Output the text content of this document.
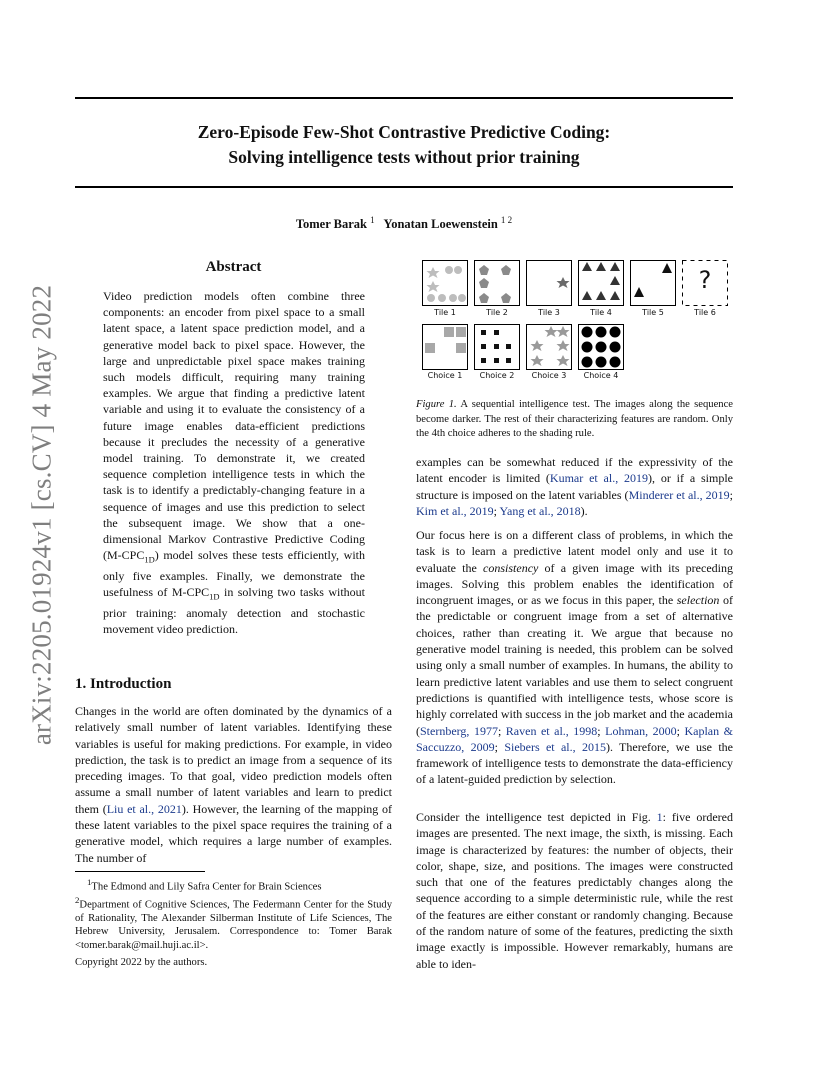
Zero-Episode Few-Shot Contrastive Predictive Coding:
Solving intelligence tests without prior training
Tomer Barak $^1$ Yonatan Loewenstein $^{1 2}$
arXiv:2205.01924v1 [cs.CV] 4 May 2022
Abstract
Video prediction models often combine three components: an encoder from pixel space to a small latent space, a latent space prediction model, and a generative model back to pixel space. However, the large and unpredictable pixel space makes training such models difficult, requiring many training examples. We argue that finding a predictive latent variable and using it to evaluate the consistency of a future image enables data-efficient predictions because it precludes the necessity of a generative model training. To demonstrate it, we created sequence completion intelligence tests in which the task is to identify a predictably-changing feature in a sequence of images and use this prediction to select the subsequent image. We show that a one-dimensional Markov Contrastive Predictive Coding $(M-CPC_{1D})$ model solves these tests efficiently, with only five examples. Finally, we demonstrate the usefulness of $M-CPC_{1D}$ in solving two tasks without prior training: anomaly detection and stochastic movement video prediction.
1. Introduction
Changes in the world are often dominated by the dynamics of a relatively small number of latent variables. Identifying these variables is useful for making predictions. For example, in video prediction, the task is to predict an image from a sequence of its preceding images. To that goal, video prediction models often assume a small number of latent variables and learn to predict them (Liu et al., 2021). However, the learning of the mapping of these latent variables to the pixel space requires the training of a generative model, which requires a large number of examples. The number of

$^1$The Edmond and Lily Safra Center for Brain Sciences

$^2$Department of Cognitive Sciences, The Federmann Center for the Study of Rationality, The Alexander Silberman Institute of Life Sciences, The Hebrew University, Jerusalem. Correspondence to: Tomer Barak <tomer.barak@mail.huji.ac.il>.

Copyright 2022 by the authors.
?
Tile 1	Tile 2	Tile 3	Tile 4	Tile 5	Tile 6
Choice 1	Choice 2	Choice 3	Choice 4
Figure 1. A sequential intelligence test. The images along the sequence become darker. The rest of their characterizing features are random. Only the 4th choice adheres to the shading rule.

examples can be somewhat reduced if the expressivity of the latent encoder is limited (Kumar et al., 2019), or if a simple structure is imposed on the latent variables (Minderer et al., 2019; Kim et al., 2019; Yang et al., 2018).

Our focus here is on a different class of problems, in which the task is to learn a predictive latent model only and use it to evaluate the consistency of a given image with its preceding images. Solving this problem enables the identification of incongruent images, or as we focus in this paper, the selection of the predictable or congruent image from a set of alternative choices, rather than creating it. We argue that because no generative model training is needed, this problem can be solved using only a small number of examples. In humans, the ability to learn predictive latent variables and use them to select congruent predictions is quantified with intelligence tests, whose score is highly correlated with success in the job market and the academia (Sternberg, 1977; Raven et al., 1998; Lohman, 2000; Kaplan & Saccuzzo, 2009; Siebers et al., 2015). Therefore, we use the framework of intelligence tests to demonstrate the data-efficiency of a latent-guided prediction by selection.

Consider the intelligence test depicted in Fig. 1: five ordered images are presented. The next image, the sixth, is missing. Each image is characterized by features: the number of objects, their color, shape, size, and positions. The images were constructed such that one of the features predictably changes along the sequence according to a simple deterministic rule, while the rest of the features are either constant or randomly changing. Because of the random nature of some of the features, predicting the sixth image exactly is impossible. However remarkably, humans are able to iden-
